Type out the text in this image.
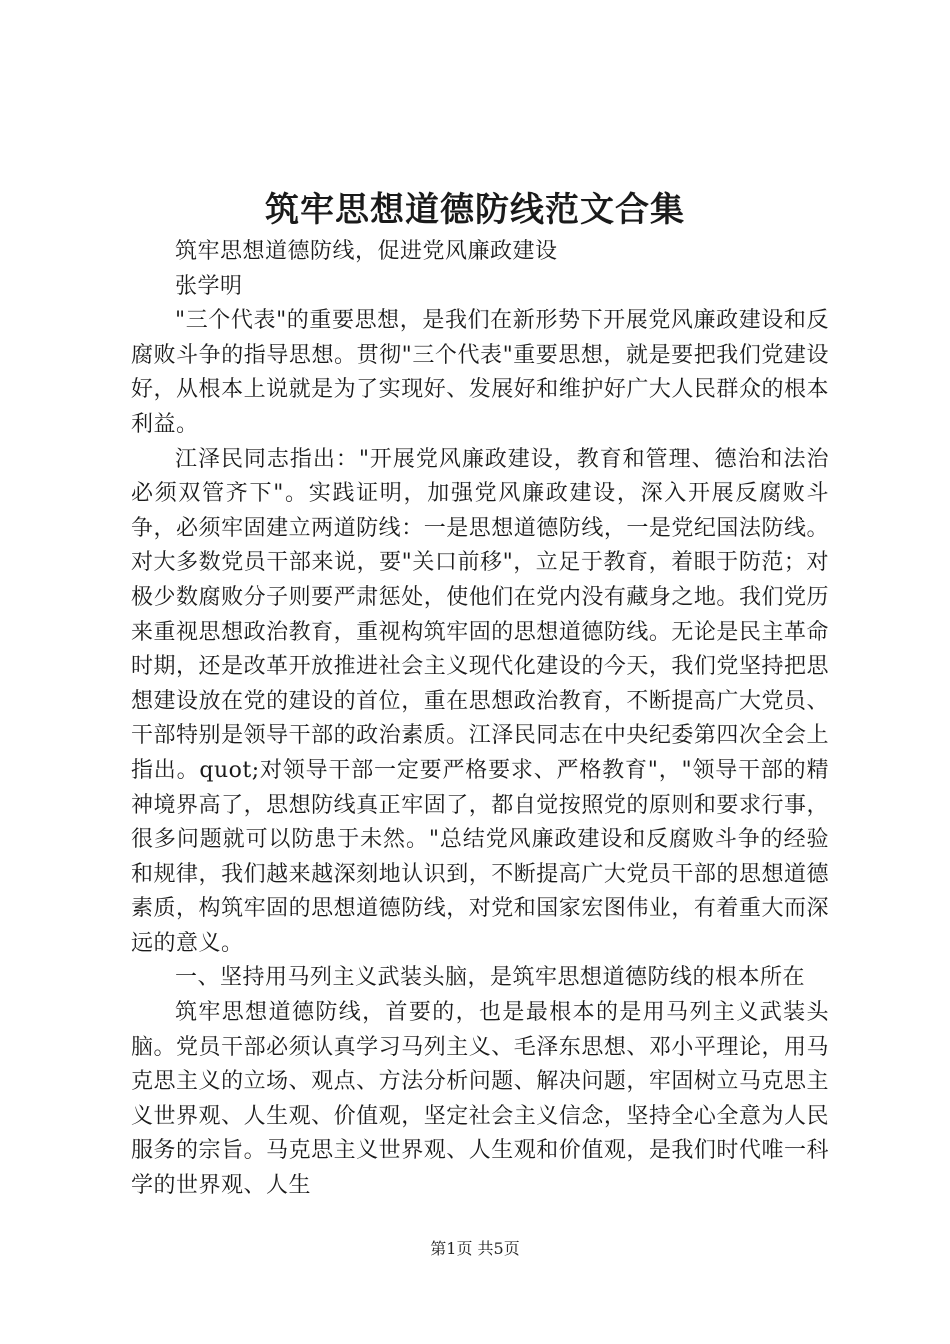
筑牢思想道德防线范文合集

筑牢思想道德防线，促进党风廉政建设

张学明

"三个代表"的重要思想，是我们在新形势下开展党风廉政建设和反腐败斗争的指导思想。贯彻"三个代表"重要思想，就是要把我们党建设好，从根本上说就是为了实现好、发展好和维护好广大人民群众的根本利益。

江泽民同志指出："开展党风廉政建设，教育和管理、德治和法治必须双管齐下"。实践证明，加强党风廉政建设，深入开展反腐败斗争，必须牢固建立两道防线：一是思想道德防线，一是党纪国法防线。对大多数党员干部来说，要"关口前移"，立足于教育，着眼于防范；对极少数腐败分子则要严肃惩处，使他们在党内没有藏身之地。我们党历来重视思想政治教育，重视构筑牢固的思想道德防线。无论是民主革命时期，还是改革开放推进社会主义现代化建设的今天，我们党坚持把思想建设放在党的建设的首位，重在思想政治教育，不断提高广大党员、干部特别是领导干部的政治素质。江泽民同志在中央纪委第四次全会上指出。quot;对领导干部一定要严格要求、严格教育"，"领导干部的精神境界高了，思想防线真正牢固了，都自觉按照党的原则和要求行事，很多问题就可以防患于未然。"总结党风廉政建设和反腐败斗争的经验和规律，我们越来越深刻地认识到，不断提高广大党员干部的思想道德素质，构筑牢固的思想道德防线，对党和国家宏图伟业，有着重大而深远的意义。

一、坚持用马列主义武装头脑，是筑牢思想道德防线的根本所在

筑牢思想道德防线，首要的，也是最根本的是用马列主义武装头脑。党员干部必须认真学习马列主义、毛泽东思想、邓小平理论，用马克思主义的立场、观点、方法分析问题、解决问题，牢固树立马克思主义世界观、人生观、价值观，坚定社会主义信念，坚持全心全意为人民服务的宗旨。马克思主义世界观、人生观和价值观，是我们时代唯一科学的世界观、人生

第1页 共5页
